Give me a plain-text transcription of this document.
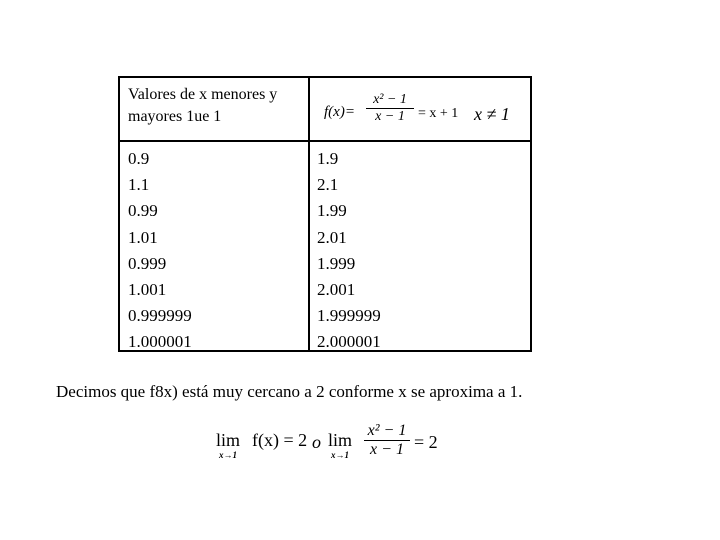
Valores de x menores y mayores 1ue 1	f(x)=
x² − 1
x − 1 = x + 1 x ≠ 1
0.9
1.1
0.99
1.01
0.999
1.001
0.999999
1.000001
1.9
2.1
1.99
2.01
1.999
2.001
1.999999
2.000001
Decimos que f8x) está muy cercano a 2 conforme x se aproxima a 1.
lim
x→1
f(x) = 2 o lim
x→1
x² − 1
x − 1 = 2
